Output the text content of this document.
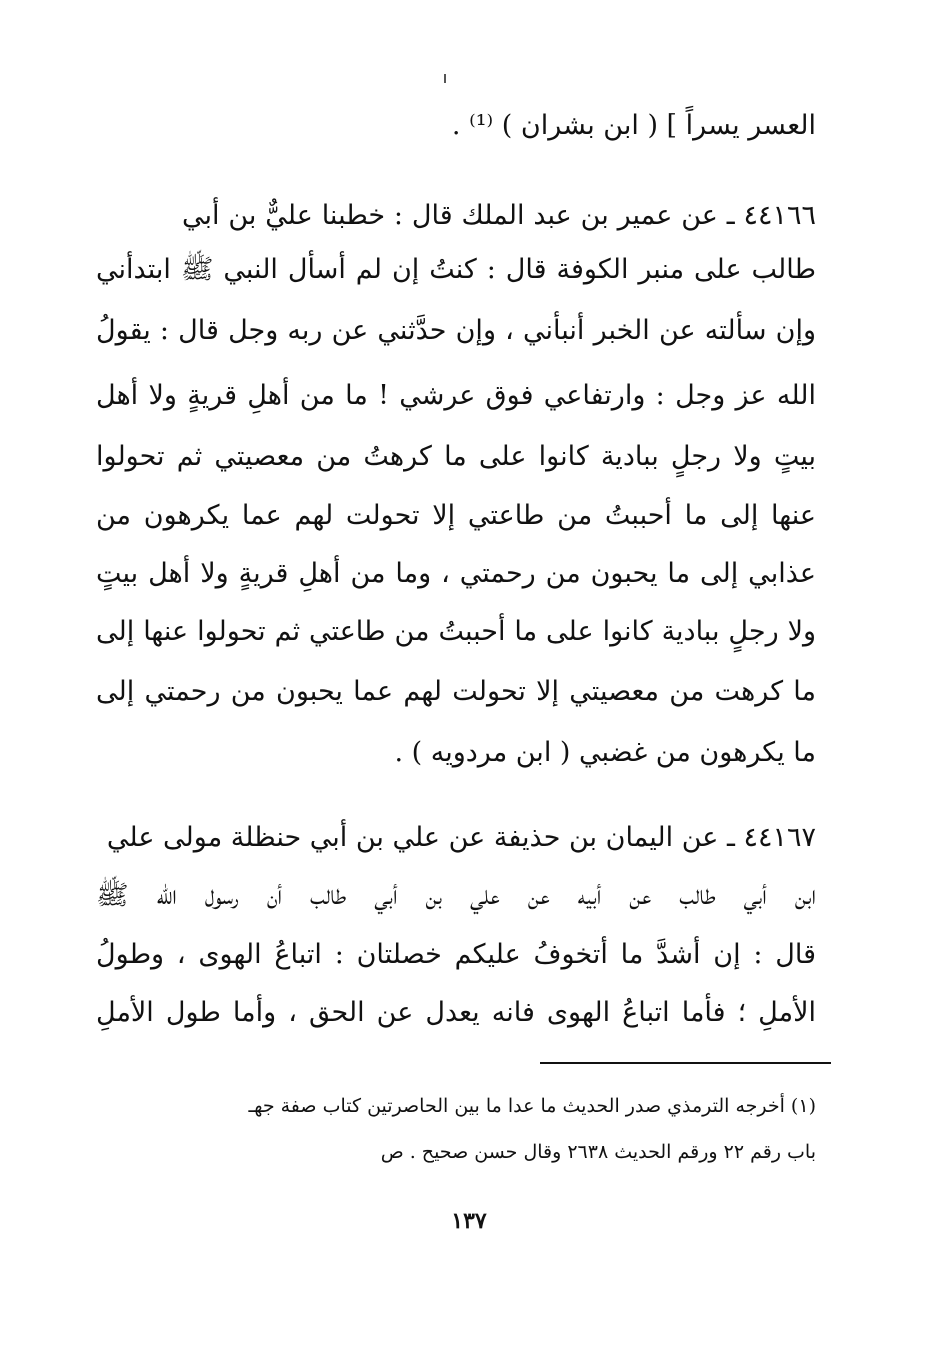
العسر يسراً ] ( ابن بشران ) ⁽¹⁾ .
٤٤١٦٦ ـ عن عمير بن عبد الملك قال : خطبنا عليٌّ بن أبي
طالب على منبر الكوفة قال : كنتُ إن لم أسأل النبي ﷺ ابتدأني
وإن سألته عن الخبر أنبأني ، وإن حدَّثني عن ربه وجل قال : يقولُ
الله عز وجل : وارتفاعي فوق عرشي ! ما من أهلِ قريةٍ ولا أهل
بيتٍ ولا رجلٍ ببادية كانوا على ما كرهتُ من معصيتي ثم تحولوا
عنها إلى ما أحببتُ من طاعتي إلا تحولت لهم عما يكرهون من
عذابي إلى ما يحبون من رحمتي ، وما من أهلِ قريةٍ ولا أهل بيتٍ
ولا رجلٍ ببادية كانوا على ما أحببتُ من طاعتي ثم تحولوا عنها إلى
ما كرهت من معصيتي إلا تحولت لهم عما يحبون من رحمتي إلى
ما يكرهون من غضبي ( ابن مردويه ) .
٤٤١٦٧ ـ عن اليمان بن حذيفة عن علي بن أبي حنظلة مولى علي
ابن أبي طالب عن أبيه عن علي بن أبي طالب أن رسول الله ﷺ
قال : إن أشدَّ ما أتخوفُ عليكم خصلتان : اتباعُ الهوى ، وطولُ
الأملِ ؛ فأما اتباعُ الهوى فانه يعدل عن الحق ، وأما طول الأملِ
(١) أخرجه الترمذي صدر الحديث ما عدا ما بين الحاصرتين كتاب صفة جهـ
باب رقم ٢٢ ورقم الحديث ٢٦٣٨ وقال حسن صحيح . ص
١٣٧
